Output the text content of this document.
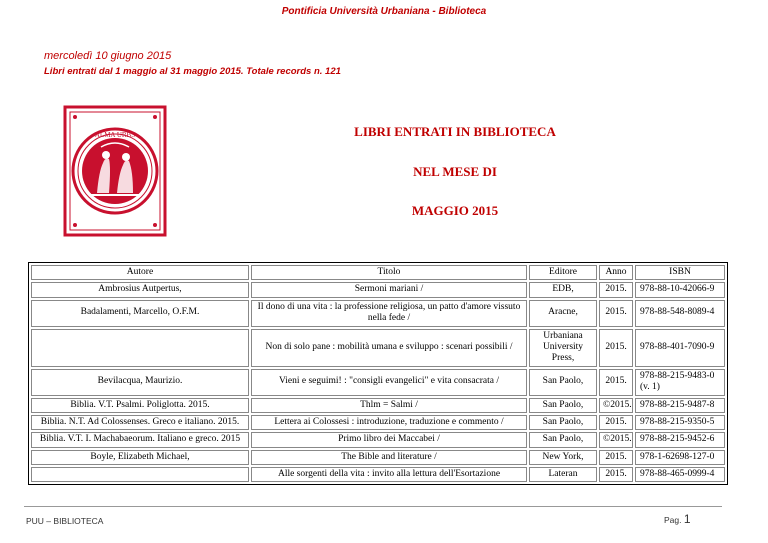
Pontificia Università Urbaniana - Biblioteca
mercoledì 10 giugno 2015
Libri entrati dal 1 maggio al 31 maggio 2015. Totale records n. 121
ALMA URBS	LIBRI ENTRATI IN BIBLIOTECA
NEL MESE DI
MAGGIO 2015
Autore	Titolo	Editore	Anno	ISBN
Ambrosius Autpertus,	Sermoni mariani /	EDB,	2015.	978-88-10-42066-9
Badalamenti, Marcello, O.F.M.	Il dono di una vita : la professione religiosa, un patto d'amore vissuto nella fede /	Aracne,	2015.	978-88-548-8089-4
	Non di solo pane : mobilità umana e sviluppo : scenari possibili /	Urbaniana University Press,	2015.	978-88-401-7090-9
Bevilacqua, Maurizio.	Vieni e seguimi! : "consigli evangelici" e vita consacrata /	San Paolo,	2015.	978-88-215-9483-0 (v. 1)
Biblia. V.T. Psalmi. Poliglotta. 2015.	Thlm = Salmi /	San Paolo,	©2015.	978-88-215-9487-8
Biblia. N.T. Ad Colossenses. Greco e italiano. 2015.	Lettera ai Colossesi : introduzione, traduzione e commento /	San Paolo,	2015.	978-88-215-9350-5
Biblia. V.T. I. Machabaeorum. Italiano e greco. 2015	Primo libro dei Maccabei /	San Paolo,	©2015.	978-88-215-9452-6
Boyle, Elizabeth Michael,	The Bible and literature /	New York,	2015.	978-1-62698-127-0
	Alle sorgenti della vita : invito alla lettura dell'Esortazione	Lateran	2015.	978-88-465-0999-4
PUU – BIBLIOTECA	Pag. 1
